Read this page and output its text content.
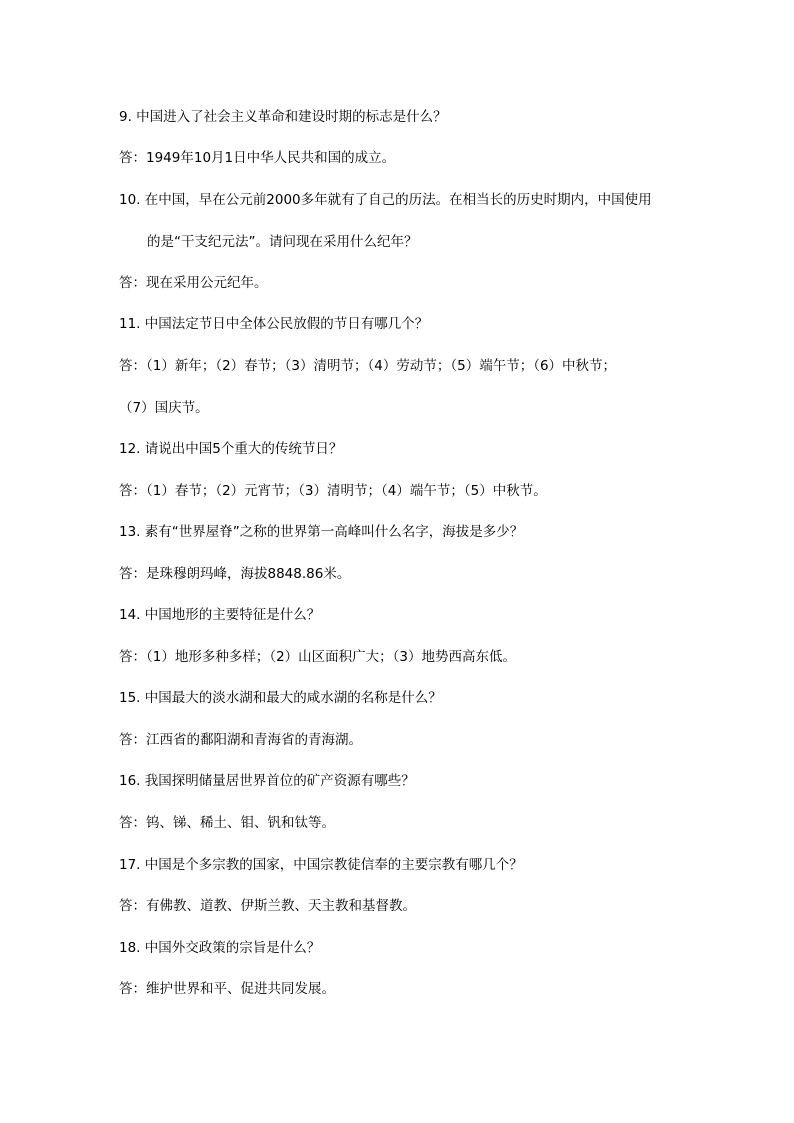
9. 中国进入了社会主义革命和建设时期的标志是什么？
答：1949年10月1日中华人民共和国的成立。
10. 在中国，早在公元前2000多年就有了自己的历法。在相当长的历史时期内，中国使用
的是“干支纪元法”。请问现在采用什么纪年？
答：现在采用公元纪年。
11. 中国法定节日中全体公民放假的节日有哪几个？
答：（1）新年；（2）春节；（3）清明节；（4）劳动节；（5）端午节；（6）中秋节；
（7）国庆节。
12. 请说出中国5个重大的传统节日？
答：（1）春节；（2）元宵节；（3）清明节；（4）端午节；（5）中秋节。
13. 素有“世界屋脊”之称的世界第一高峰叫什么名字，海拔是多少？
答：是珠穆朗玛峰，海拔8848.86米。
14. 中国地形的主要特征是什么？
答：（1）地形多种多样；（2）山区面积广大；（3）地势西高东低。
15. 中国最大的淡水湖和最大的咸水湖的名称是什么？
答：江西省的鄱阳湖和青海省的青海湖。
16. 我国探明储量居世界首位的矿产资源有哪些？
答：钨、锑、稀土、钼、钒和钛等。
17. 中国是个多宗教的国家，中国宗教徒信奉的主要宗教有哪几个？
答：有佛教、道教、伊斯兰教、天主教和基督教。
18. 中国外交政策的宗旨是什么？
答：维护世界和平、促进共同发展。
